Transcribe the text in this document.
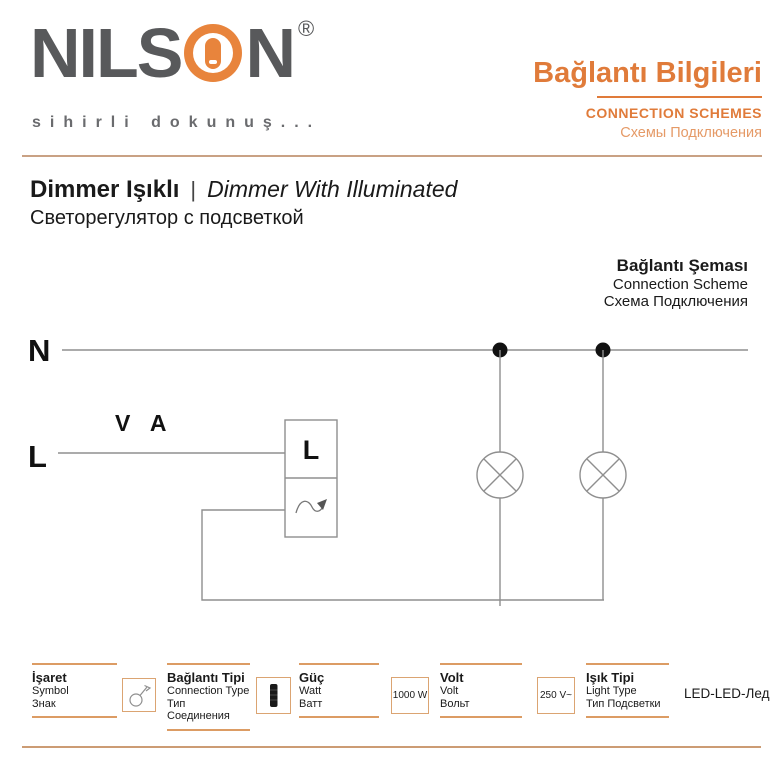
NILS N ®
sihirli dokunuş...
Bağlantı Bilgileri
CONNECTION SCHEMES
Схемы Подключения
Dimmer Işıklı | Dimmer With Illuminated
Светорегулятор с подсветкой
Bağlantı Şeması
Connection Scheme
Схема Подключения
N
V A
L	L
İşaret
Symbol
Знак
Bağlantı Tipi
Connection Type
Тип Соединения
Güç
Watt
Ватт
1000 W
Volt
Volt
Вольт
250 V~
Işık Tipi
Light Type
Тип Подсветки
LED-LED-Лед
